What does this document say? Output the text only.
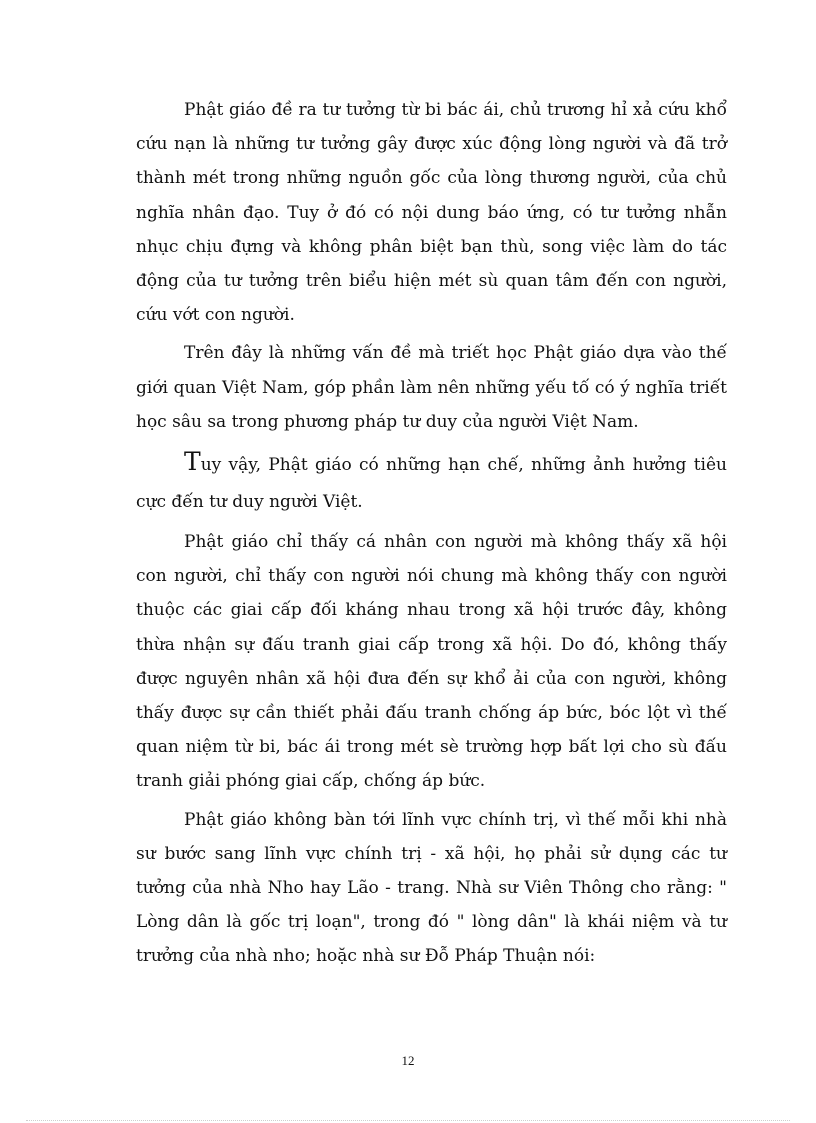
Phật giáo đề ra tư tưởng từ bi bác ái, chủ trương hỉ xả cứu khổ cứu nạn là những tư tưởng gây được xúc động lòng người và đã trở thành mét trong những nguồn gốc của lòng thương người, của chủ nghĩa nhân đạo. Tuy ở đó có nội dung báo ứng, có tư tưởng nhẫn nhục chịu đựng và không phân biệt bạn thù, song việc làm do tác động của tư tưởng trên biểu hiện mét sù quan tâm đến con người, cứu vớt con người.

Trên đây là những vấn đề mà triết học Phật giáo dựa vào thế giới quan Việt Nam, góp phần làm nên những yếu tố có ý nghĩa triết học sâu sa trong phương pháp tư duy của người Việt Nam.

Tuy vậy, Phật giáo có những hạn chế, những ảnh hưởng tiêu cực đến tư duy người Việt.

Phật giáo chỉ thấy cá nhân con người mà không thấy xã hội con người, chỉ thấy con người nói chung mà không thấy con người thuộc các giai cấp đối kháng nhau trong xã hội trước đây, không thừa nhận sự đấu tranh giai cấp trong xã hội. Do đó, không thấy được nguyên nhân xã hội đưa đến sự khổ ải của con người, không thấy được sự cần thiết phải đấu tranh chống áp bức, bóc lột vì thế quan niệm từ bi, bác ái trong mét sè trường hợp bất lợi cho sù đấu tranh giải phóng giai cấp, chống áp bức.

Phật giáo không bàn tới lĩnh vực chính trị, vì thế mỗi khi nhà sư bước sang lĩnh vực chính trị - xã hội, họ phải sử dụng các tư tưởng của nhà Nho hay Lão - trang. Nhà sư Viên Thông cho rằng: " Lòng dân là gốc trị loạn", trong đó " lòng dân" là khái niệm và tư trưởng của nhà nho; hoặc nhà sư Đỗ Pháp Thuận nói:

12
